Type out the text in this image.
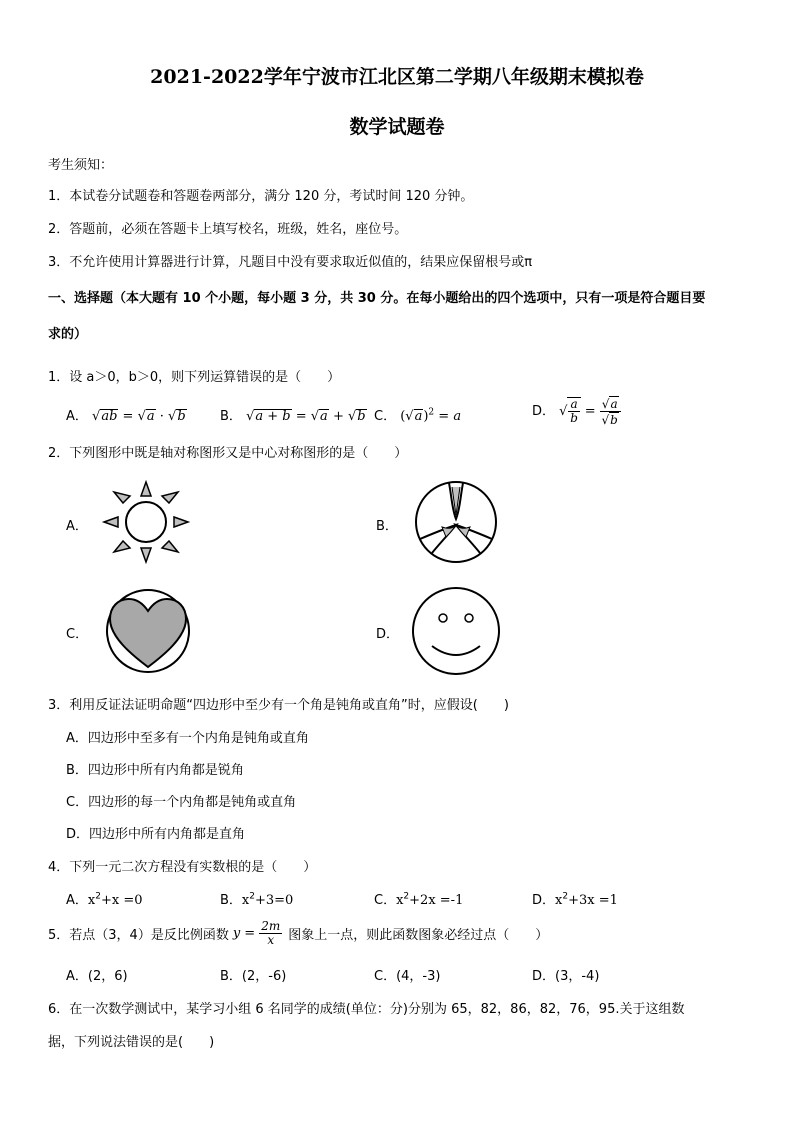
2021-2022学年宁波市江北区第二学期八年级期末模拟卷
数学试题卷
考生须知：
1．本试卷分试题卷和答题卷两部分，满分 120 分，考试时间 120 分钟。
2．答题前，必须在答题卡上填写校名，班级，姓名，座位号。
3．不允许使用计算器进行计算，凡题目中没有要求取近似值的，结果应保留根号或π
一、选择题（本大题有 10 个小题，每小题 3 分，共 30 分。在每小题给出的四个选项中，只有一项是符合题目要
求的）
1．设 a＞0，b＞0，则下列运算错误的是（　　）
A． √ab = √a · √b	B． √a + b = √a + √b C． $(√a)^2 = a$	D． √ $\frac{a}{b} = \frac{√a}{√b}$
2．下列图形中既是轴对称图形又是中心对称图形的是（　　）
A．	B．
C．	D．
3．利用反证法证明命题“四边形中至少有一个角是钝角或直角”时，应假设(　　)
A．四边形中至多有一个内角是钝角或直角
B．四边形中所有内角都是锐角
C．四边形的每一个内角都是钝角或直角
D．四边形中所有内角都是直角
4．下列一元二次方程没有实数根的是（　　）
A．$x^2+x =0$	B．$x^2+3=0$	C．$x^2+2x =-1$	D．$x^2+3x =1$
5．若点（3，4）是反比例函数 $y = \frac{2m}{x}$ 图象上一点，则此函数图象必经过点（　　）
A．(2，6)	B．(2，-6)	C．(4，-3)	D．(3，-4)
6．在一次数学测试中，某学习小组 6 名同学的成绩(单位：分)分别为 65，82，86，82，76，95.关于这组数
据，下列说法错误的是(　　)
